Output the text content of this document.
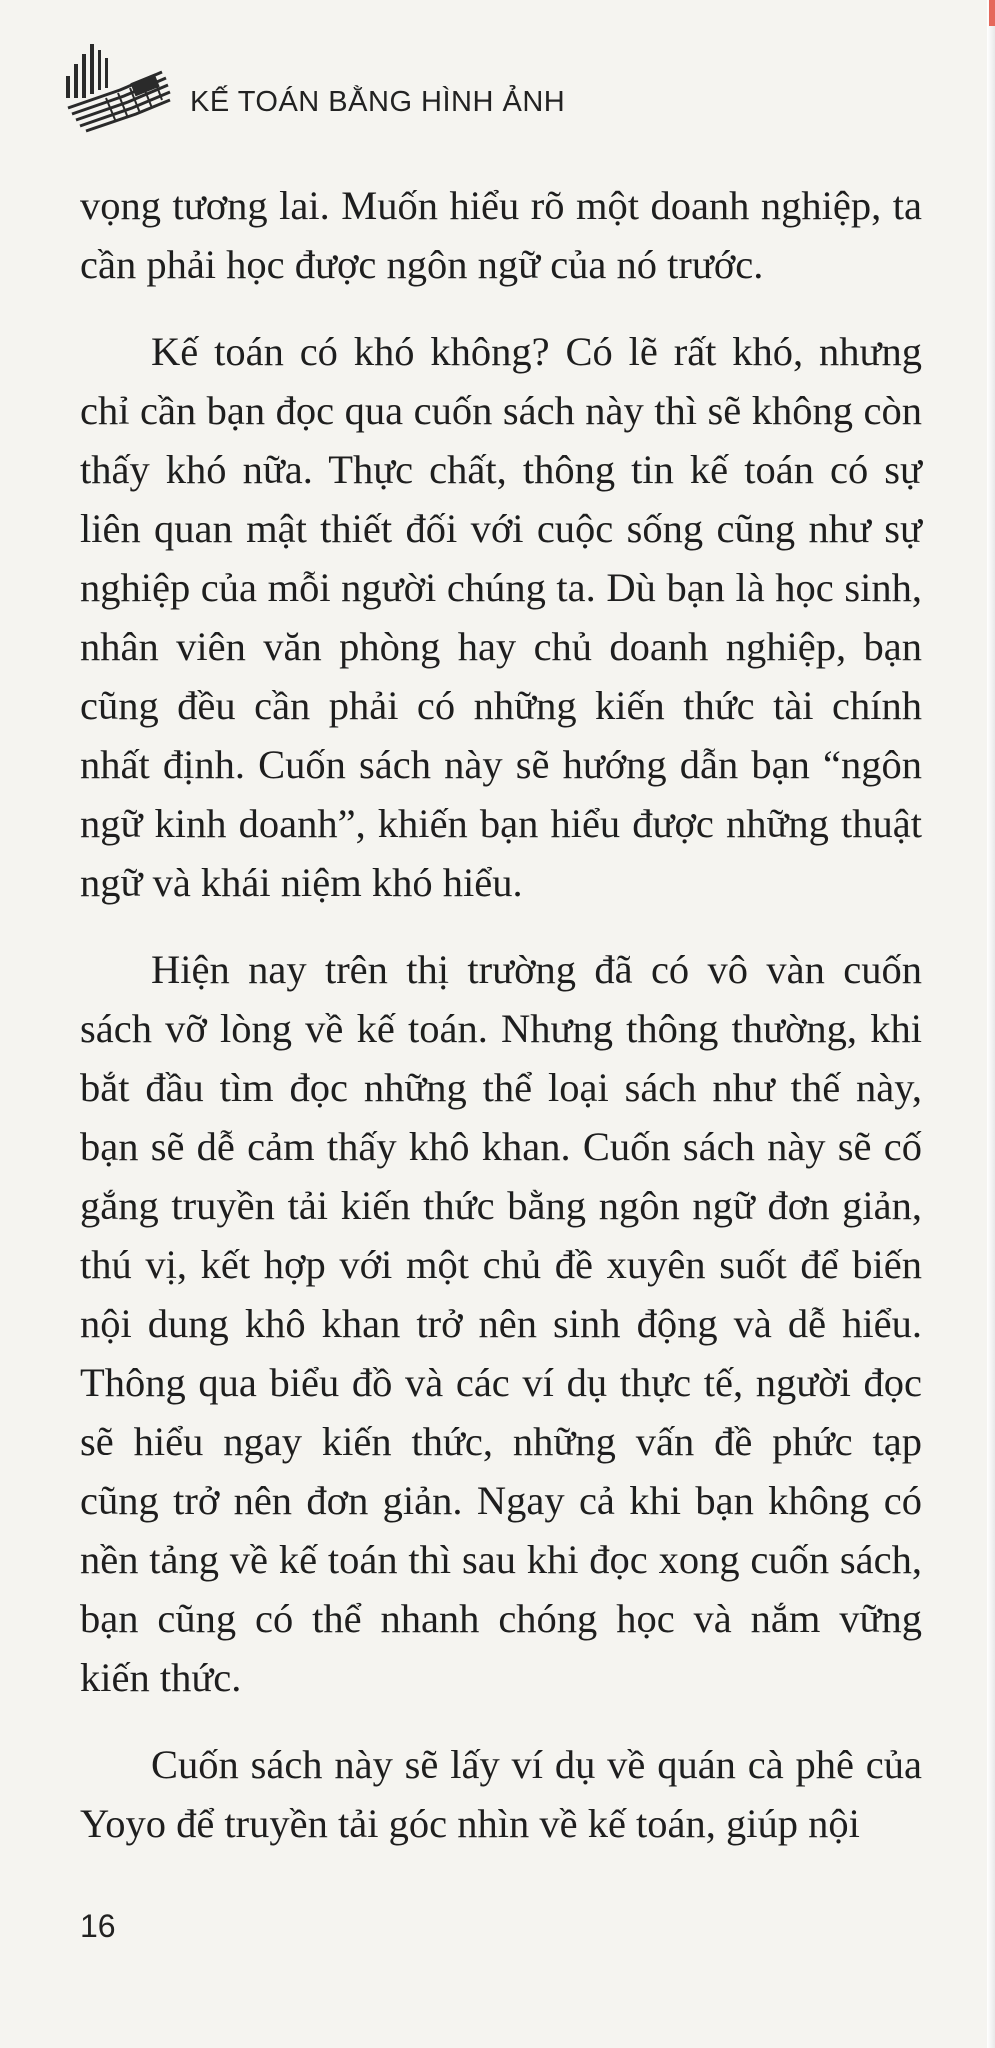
KẾ TOÁN BẰNG HÌNH ẢNH

vọng tương lai. Muốn hiểu rõ một doanh nghiệp, ta cần phải học được ngôn ngữ của nó trước.

Kế toán có khó không? Có lẽ rất khó, nhưng chỉ cần bạn đọc qua cuốn sách này thì sẽ không còn thấy khó nữa. Thực chất, thông tin kế toán có sự liên quan mật thiết đối với cuộc sống cũng như sự nghiệp của mỗi người chúng ta. Dù bạn là học sinh, nhân viên văn phòng hay chủ doanh nghiệp, bạn cũng đều cần phải có những kiến thức tài chính nhất định. Cuốn sách này sẽ hướng dẫn bạn “ngôn ngữ kinh doanh”, khiến bạn hiểu được những thuật ngữ và khái niệm khó hiểu.

Hiện nay trên thị trường đã có vô vàn cuốn sách vỡ lòng về kế toán. Nhưng thông thường, khi bắt đầu tìm đọc những thể loại sách như thế này, bạn sẽ dễ cảm thấy khô khan. Cuốn sách này sẽ cố gắng truyền tải kiến thức bằng ngôn ngữ đơn giản, thú vị, kết hợp với một chủ đề xuyên suốt để biến nội dung khô khan trở nên sinh động và dễ hiểu. Thông qua biểu đồ và các ví dụ thực tế, người đọc sẽ hiểu ngay kiến thức, những vấn đề phức tạp cũng trở nên đơn giản. Ngay cả khi bạn không có nền tảng về kế toán thì sau khi đọc xong cuốn sách, bạn cũng có thể nhanh chóng học và nắm vững kiến thức.

Cuốn sách này sẽ lấy ví dụ về quán cà phê của Yoyo để truyền tải góc nhìn về kế toán, giúp nội

16
